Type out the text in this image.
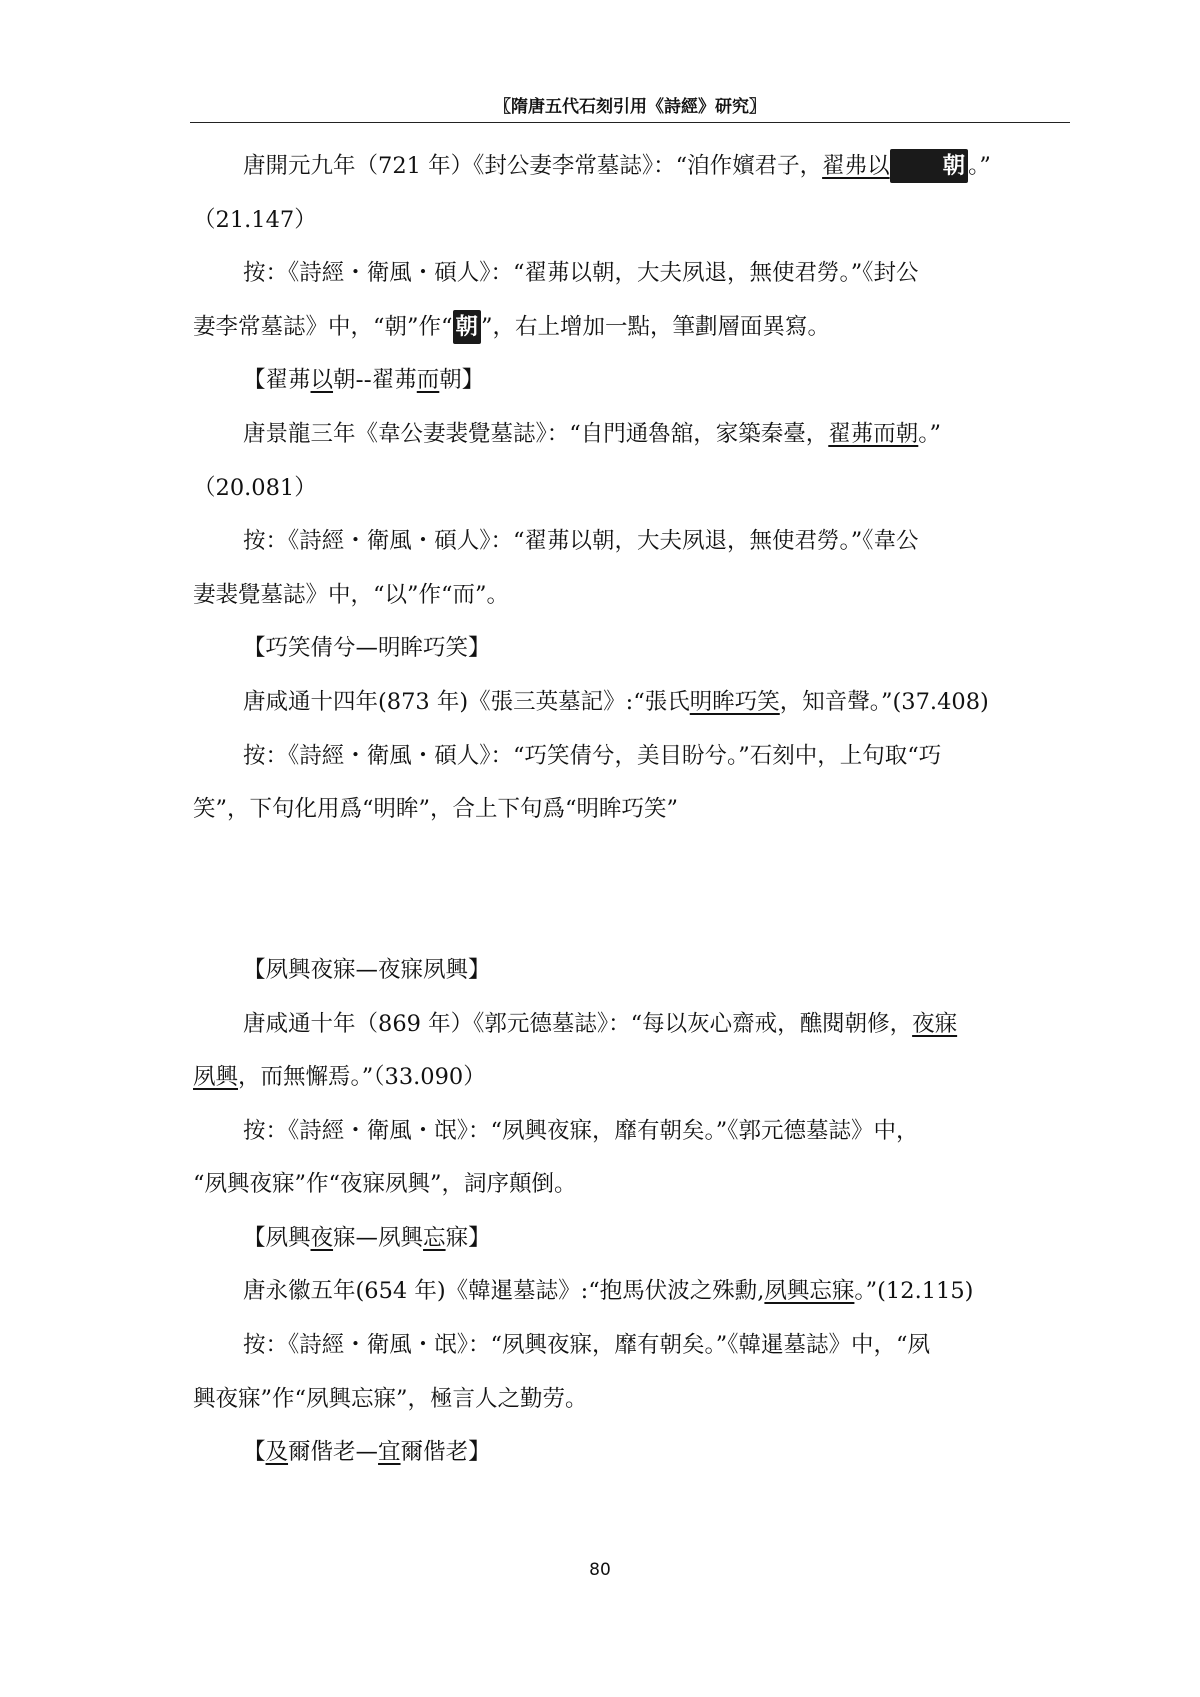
〖隋唐五代石刻引用《詩經》研究〗

唐開元九年（721 年）《封公妻李常墓誌》：“洎作嬪君子，翟弗以 朝 。”

（21.147）

按：《詩經・衛風・碩人》：“翟茀以朝，大夫夙退，無使君勞。”《封公

妻李常墓誌》中，“朝”作“ 朝 ”，右上增加一點，筆劃層面異寫。

【翟茀以朝--翟茀而朝】

唐景龍三年《韋公妻裴覺墓誌》：“自門通魯舘，家築秦臺，翟茀而朝。”

（20.081）

按：《詩經・衛風・碩人》：“翟茀以朝，大夫夙退，無使君勞。”《韋公

妻裴覺墓誌》中，“以”作“而”。

【巧笑倩兮—明眸巧笑】

唐咸通十四年(873 年)《張三英墓記》:“張氏明眸巧笑，知音聲。”(37.408)

按：《詩經・衛風・碩人》：“巧笑倩兮，美目盼兮。”石刻中，上句取“巧

笑”，下句化用爲“明眸”，合上下句爲“明眸巧笑”

【夙興夜寐—夜寐夙興】

唐咸通十年（869 年）《郭元德墓誌》：“每以灰心齋戒，醮閱朝修，夜寐

夙興，而無懈焉。”（33.090）

按：《詩經・衛風・氓》：“夙興夜寐，靡有朝矣。”《郭元德墓誌》中，

“夙興夜寐”作“夜寐夙興”，詞序顛倒。

【夙興夜寐—夙興忘寐】

唐永徽五年(654 年)《韓暹墓誌》:“抱馬伏波之殊勳,夙興忘寐。”(12.115)

按：《詩經・衛風・氓》：“夙興夜寐，靡有朝矣。”《韓暹墓誌》中，“夙

興夜寐”作“夙興忘寐”，極言人之勤劳。

【及爾偕老—宜爾偕老】

80
